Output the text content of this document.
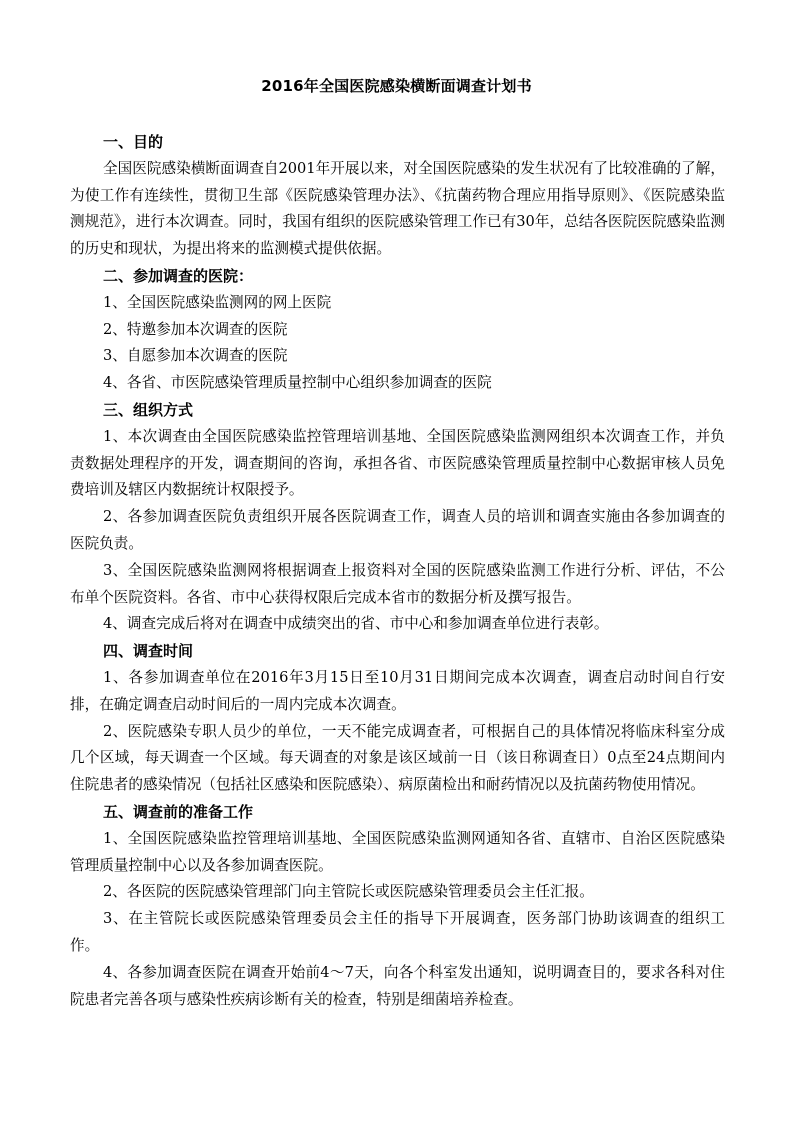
2016年全国医院感染横断面调查计划书

一、目的

全国医院感染横断面调查自2001年开展以来，对全国医院感染的发生状况有了比较准确的了解，为使工作有连续性，贯彻卫生部《医院感染管理办法》、《抗菌药物合理应用指导原则》、《医院感染监测规范》，进行本次调查。同时，我国有组织的医院感染管理工作已有30年，总结各医院医院感染监测的历史和现状，为提出将来的监测模式提供依据。

二、参加调查的医院：

1、全国医院感染监测网的网上医院

2、特邀参加本次调查的医院

3、自愿参加本次调查的医院

4、各省、市医院感染管理质量控制中心组织参加调查的医院

三、组织方式

1、本次调查由全国医院感染监控管理培训基地、全国医院感染监测网组织本次调查工作，并负责数据处理程序的开发，调查期间的咨询，承担各省、市医院感染管理质量控制中心数据审核人员免费培训及辖区内数据统计权限授予。

2、各参加调查医院负责组织开展各医院调查工作，调查人员的培训和调查实施由各参加调查的医院负责。

3、全国医院感染监测网将根据调查上报资料对全国的医院感染监测工作进行分析、评估，不公布单个医院资料。各省、市中心获得权限后完成本省市的数据分析及撰写报告。

4、调查完成后将对在调查中成绩突出的省、市中心和参加调查单位进行表彰。

四、调查时间

1、各参加调查单位在2016年3月15日至10月31日期间完成本次调查，调查启动时间自行安排，在确定调查启动时间后的一周内完成本次调查。

2、医院感染专职人员少的单位，一天不能完成调查者，可根据自己的具体情况将临床科室分成几个区域，每天调查一个区域。每天调查的对象是该区域前一日（该日称调查日）0点至24点期间内住院患者的感染情况（包括社区感染和医院感染）、病原菌检出和耐药情况以及抗菌药物使用情况。

五、调查前的准备工作

1、全国医院感染监控管理培训基地、全国医院感染监测网通知各省、直辖市、自治区医院感染管理质量控制中心以及各参加调查医院。

2、各医院的医院感染管理部门向主管院长或医院感染管理委员会主任汇报。

3、在主管院长或医院感染管理委员会主任的指导下开展调查，医务部门协助该调查的组织工作。

4、各参加调查医院在调查开始前4～7天，向各个科室发出通知，说明调查目的，要求各科对住院患者完善各项与感染性疾病诊断有关的检查，特别是细菌培养检查。
